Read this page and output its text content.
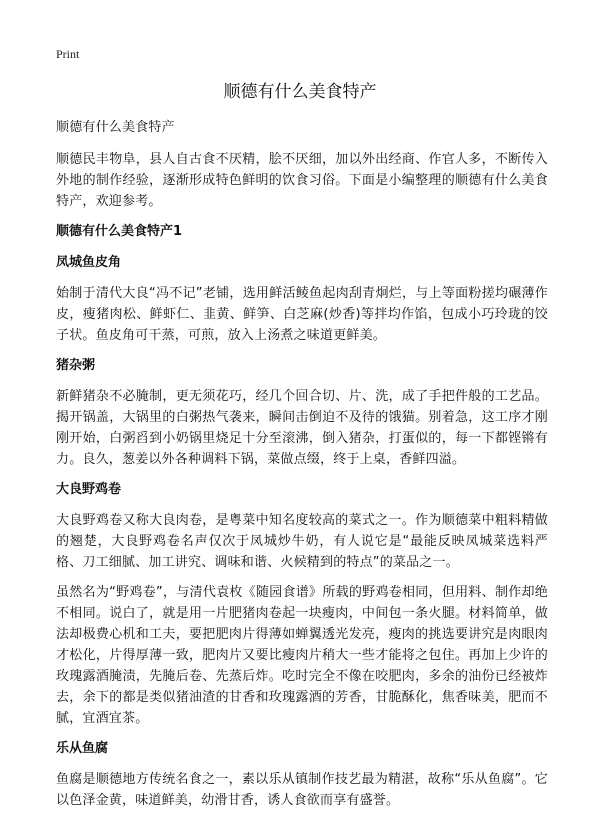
Print
顺德有什么美食特产

顺德有什么美食特产

顺德民丰物阜，县人自古食不厌精，脍不厌细，加以外出经商、作官人多，不断传入外地的制作经验，逐渐形成特色鲜明的饮食习俗。下面是小编整理的顺德有什么美食特产，欢迎参考。

顺德有什么美食特产1
凤城鱼皮角

始制于清代大良“冯不记”老铺，选用鲜活鲮鱼起肉刮青炯烂，与上等面粉搓均碾薄作皮，瘦猪肉松、鲜虾仁、韭黄、鲜笋、白芝麻(炒香)等拌均作馅，包成小巧玲珑的饺子状。鱼皮角可干蒸，可煎，放入上汤煮之味道更鲜美。

猪杂粥

新鲜猪杂不必腌制，更无须花巧，经几个回合切、片、洗，成了手把件般的工艺品。揭开锅盖，大锅里的白粥热气袭来，瞬间击倒迫不及待的饿猫。别着急，这工序才刚刚开始，白粥舀到小奶锅里烧足十分至滚沸，倒入猪杂，打蛋似的，每一下都铿锵有力。良久，葱姜以外各种调料下锅，菜做点缀，终于上桌，香鲜四溢。

大良野鸡卷

大良野鸡卷又称大良肉卷，是粤菜中知名度较高的菜式之一。作为顺德菜中粗料精做的翘楚，大良野鸡卷名声仅次于凤城炒牛奶，有人说它是“最能反映凤城菜选料严格、刀工细腻、加工讲究、调味和谐、火候精到的特点”的菜品之一。

虽然名为“野鸡卷”，与清代袁枚《随园食谱》所载的野鸡卷相同，但用料、制作却绝不相同。说白了，就是用一片肥猪肉卷起一块瘦肉，中间包一条火腿。材料简单，做法却极费心机和工夫，要把肥肉片得薄如蝉翼透光发亮，瘦肉的挑选要讲究是肉眼肉才松化，片得厚薄一致，肥肉片又要比瘦肉片稍大一些才能将之包住。再加上少许的玫瑰露酒腌渍，先腌后卷、先蒸后炸。吃时完全不像在咬肥肉，多余的油份已经被炸去，余下的都是类似猪油渣的甘香和玫瑰露酒的芳香，甘脆酥化，焦香味美，肥而不腻，宜酒宜茶。

乐从鱼腐

鱼腐是顺德地方传统名食之一，素以乐从镇制作技艺最为精湛，故称“乐从鱼腐”。它以色泽金黄，味道鲜美，幼滑甘香，诱人食欲而享有盛誉。
